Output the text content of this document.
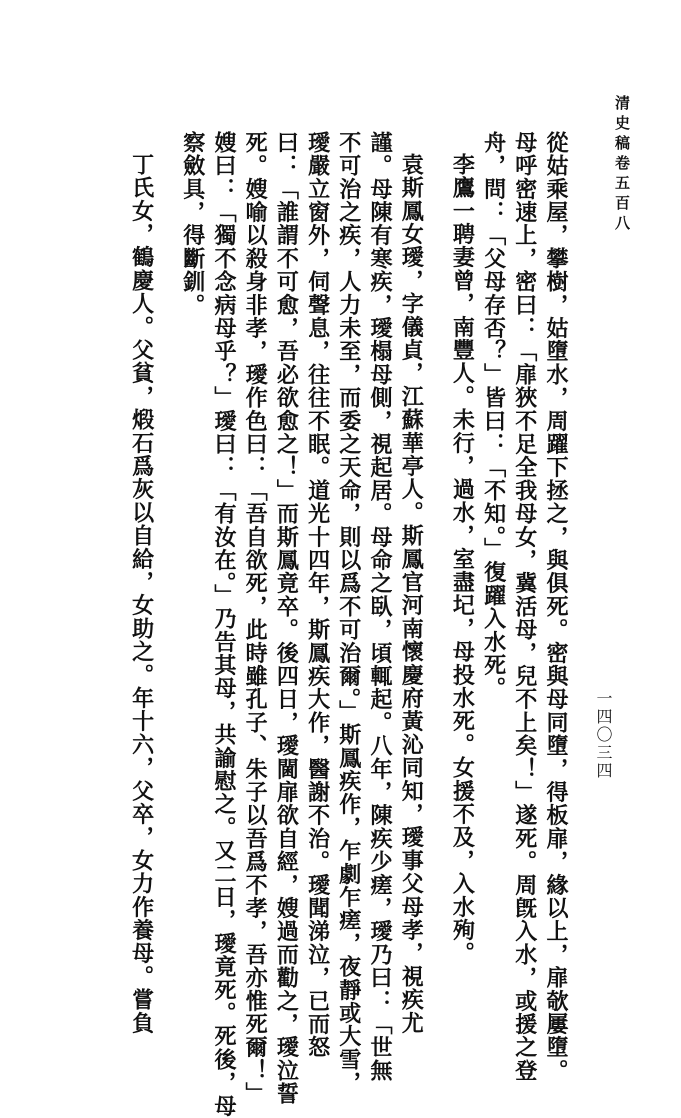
清史稿卷五百八
一四〇三四
從姑乘屋，攀樹，姑墮水，周躍下拯之，與俱死。密與母同墮，得板扉，緣以上，扉欹屢墮。
母呼密速上，密曰：「扉狹不足全我母女，冀活母，兒不上矣！」遂死。周旣入水，或援之登
舟，問：「父母存否？」皆曰：「不知。」復躍入水死。
李鷹一聘妻曾，南豐人。未行，過水，室盡圮，母投水死。女援不及，入水殉。
袁斯鳳女璦，字儀貞，江蘇華亭人。斯鳳官河南懷慶府黃沁同知，璦事父母孝，視疾尤
謹。母陳有寒疾，璦榻母側，視起居。母命之臥，頃輒起。八年，陳疾少瘥，璦乃曰：「世無
不可治之疾，人力未至，而委之天命，則以爲不可治爾。」斯鳳疾作，乍劇乍瘥，夜靜或大雪，
璦嚴立窗外，伺聲息，往往不眠。道光十四年，斯鳳疾大作，醫謝不治。璦聞涕泣，已而怒
曰：「誰謂不可愈，吾必欲愈之！」而斯鳳竟卒。後四日，璦閫扉欲自經，嫂過而勸之，璦泣誓
死。嫂喻以殺身非孝，璦作色曰：「吾自欲死，此時雖孔子、朱子以吾爲不孝，吾亦惟死爾！」
嫂曰：「獨不念病母乎？」璦曰：「有汝在。」乃告其母，共諭慰之。又二日，璦竟死。死後，母
察斂具，得斷釧。
丁氏女，鶴慶人。父貧，煅石爲灰以自給，女助之。年十六，父卒，女力作養母。嘗負
